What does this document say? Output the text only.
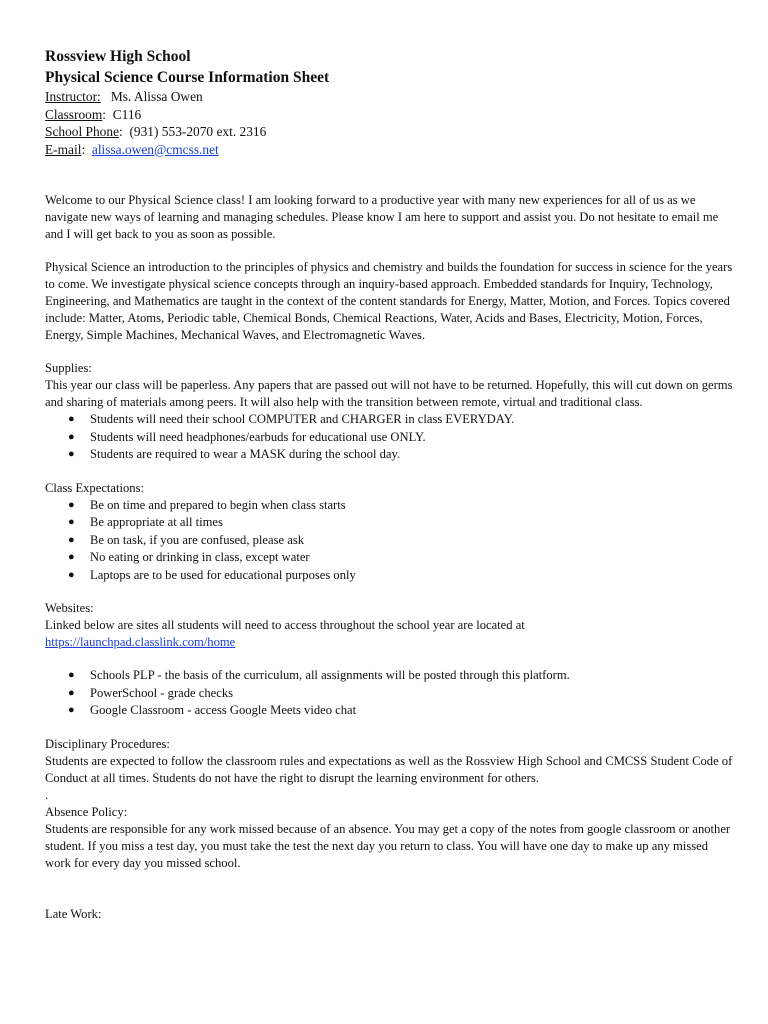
Rossview High School

Physical Science Course Information Sheet

Instructor: Ms. Alissa Owen
Classroom:  C116
School Phone:  (931) 553-2070 ext. 2316
E-mail:  alissa.owen@cmcss.net

Welcome to our Physical Science class! I am looking forward to a productive year with many new experiences for all of us as we navigate new ways of learning and managing schedules. Please know I am here to support and assist you. Do not hesitate to email me and I will get back to you as soon as possible.

Physical Science an introduction to the principles of physics and chemistry and builds the foundation for success in science for the years to come. We investigate physical science concepts through an inquiry-based approach. Embedded standards for Inquiry, Technology, Engineering, and Mathematics are taught in the context of the content standards for Energy, Matter, Motion, and Forces. Topics covered include: Matter, Atoms, Periodic table, Chemical Bonds, Chemical Reactions, Water, Acids and Bases, Electricity, Motion, Forces, Energy, Simple Machines, Mechanical Waves, and Electromagnetic Waves.

Supplies:

This year our class will be paperless. Any papers that are passed out will not have to be returned. Hopefully, this will cut down on germs and sharing of materials among peers. It will also help with the transition between remote, virtual and traditional class.

● Students will need their school COMPUTER and CHARGER in class EVERYDAY.
● Students will need headphones/earbuds for educational use ONLY.
● Students are required to wear a MASK during the school day.

Class Expectations:

● Be on time and prepared to begin when class starts
● Be appropriate at all times
● Be on task, if you are confused, please ask
● No eating or drinking in class, except water
● Laptops are to be used for educational purposes only

Websites:

Linked below are sites all students will need to access throughout the school year are located at

https://launchpad.classlink.com/home

● Schools PLP - the basis of the curriculum, all assignments will be posted through this platform.
● PowerSchool - grade checks
● Google Classroom - access Google Meets video chat

Disciplinary Procedures:

Students are expected to follow the classroom rules and expectations as well as the Rossview High School and CMCSS Student Code of Conduct at all times. Students do not have the right to disrupt the learning environment for others.

.

Absence Policy:

Students are responsible for any work missed because of an absence. You may get a copy of the notes from google classroom or another student. If you miss a test day, you must take the test the next day you return to class. You will have one day to make up any missed work for every day you missed school.

Late Work:
